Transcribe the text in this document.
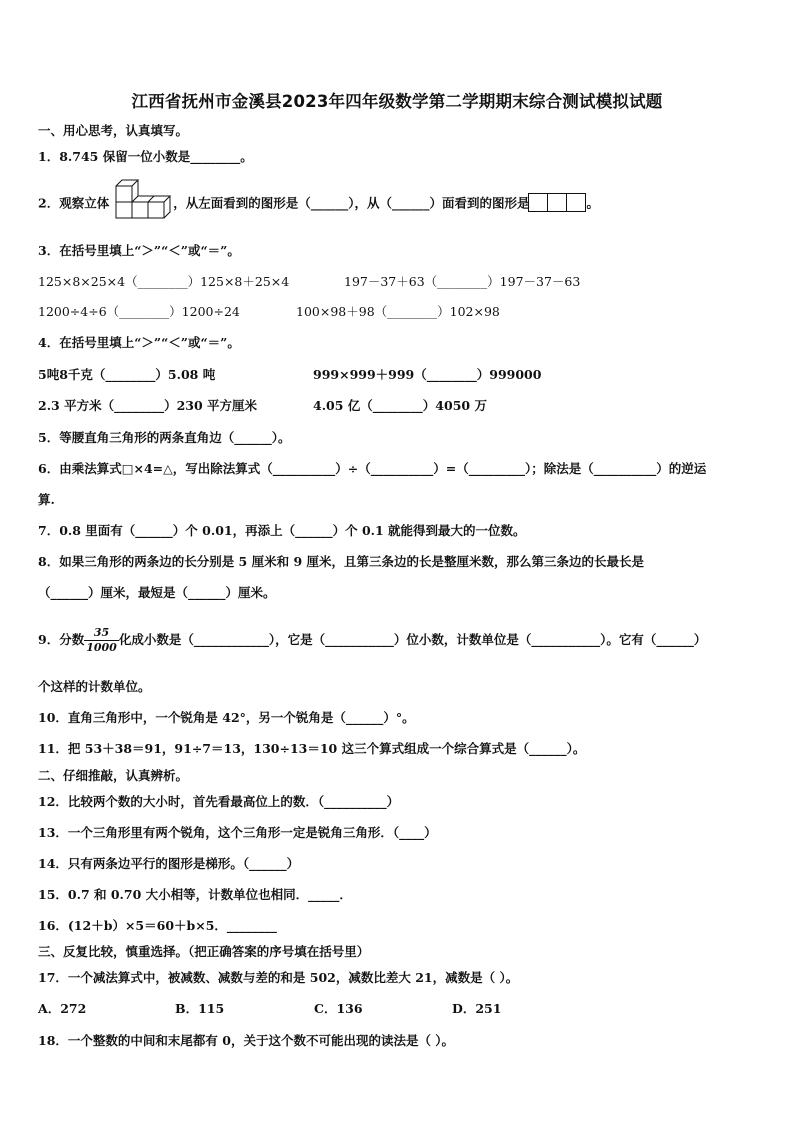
江西省抚州市金溪县2023年四年级数学第二学期期末综合测试模拟试题
一、用心思考，认真填写。
1．8.745 保留一位小数是________。
2．观察立体	，从左面看到的图形是（______），从（______）面看到的图形是	。
3．在括号里填上“＞”“＜”或“＝”。
125×8×25×4（________）125×8＋25×4	197－37＋63（________）197－37－63
1200÷4÷6（________）1200÷24	100×98＋98（________）102×98
4．在括号里填上“＞”“＜”或“＝”。
5吨8千克（________）5.08 吨	999×999＋999（________）999000
2.3 平方米（________）230 平方厘米	4.05 亿（________）4050 万
5．等腰直角三角形的两条直角边（______）。
6．由乘法算式□×4=△，写出除法算式（__________）÷（__________）=（_________）；除法是（__________）的逆运
算.
7．0.8 里面有（______）个 0.01，再添上（______）个 0.1 就能得到最大的一位数。
8．如果三角形的两条边的长分别是 5 厘米和 9 厘米，且第三条边的长是整厘米数，那么第三条边的长最长是
（______）厘米，最短是（______）厘米。
9．分数 $\frac{35}{1000}$ 化成小数是（____________），它是（___________）位小数，计数单位是（___________）。它有（______）
个这样的计数单位。
10．直角三角形中，一个锐角是 42°，另一个锐角是（______）°。
11．把 53＋38＝91，91÷7＝13，130÷13＝10 这三个算式组成一个综合算式是（______）。
二、仔细推敲，认真辨析。
12．比较两个数的大小时，首先看最高位上的数．（__________）
13．一个三角形里有两个锐角，这个三角形一定是锐角三角形．（____）
14．只有两条边平行的图形是梯形。（______）
15．0.7 和 0.70 大小相等，计数单位也相同．_____．
16．(12＋b）×5＝60＋b×5．________
三、反复比较，慎重选择。（把正确答案的序号填在括号里）
17．一个减法算式中，被减数、减数与差的和是 502，减数比差大 21，减数是（ ）。
A．272	B．115	C．136	D．251
18．一个整数的中间和末尾都有 0，关于这个数不可能出现的读法是（ ）。
